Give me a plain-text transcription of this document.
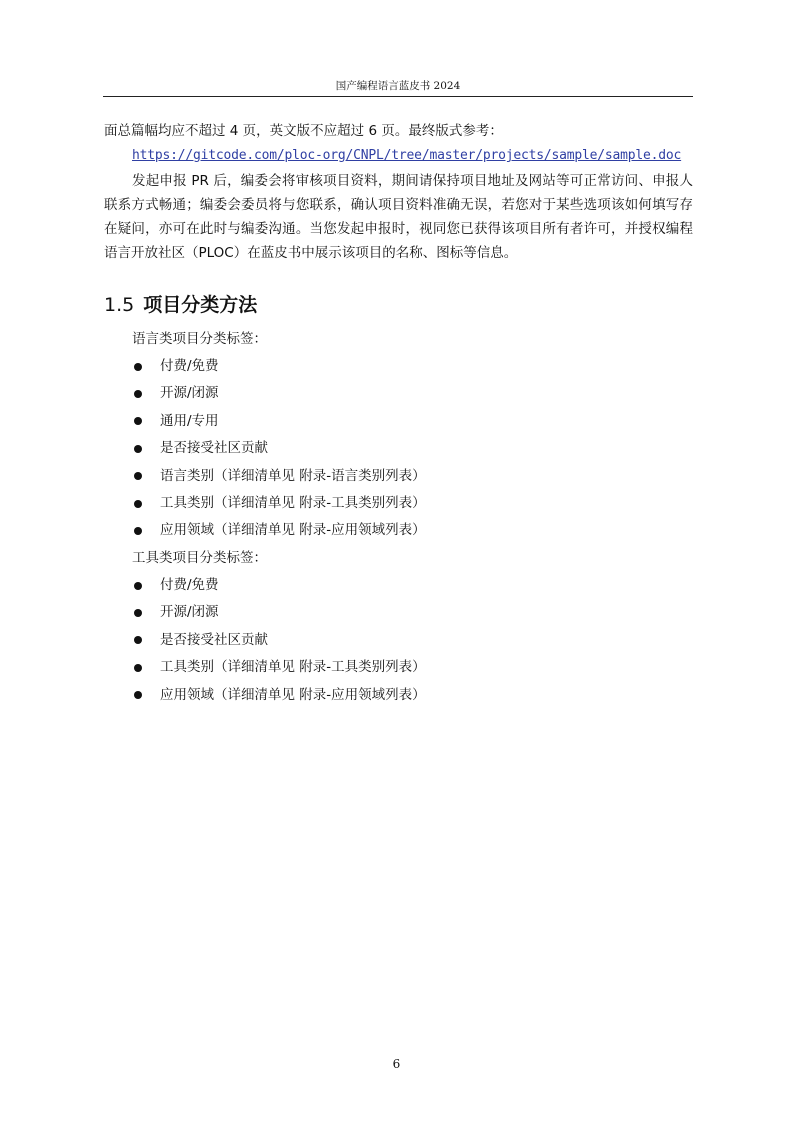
国产编程语言蓝皮书 2024

面总篇幅均应不超过 4 页，英文版不应超过 6 页。最终版式参考：

https://gitcode.com/ploc-org/CNPL/tree/master/projects/sample/sample.doc

发起申报 PR 后，编委会将审核项目资料，期间请保持项目地址及网站等可正常访问、申报人联系方式畅通；编委会委员将与您联系，确认项目资料准确无误，若您对于某些选项该如何填写存在疑问，亦可在此时与编委沟通。当您发起申报时，视同您已获得该项目所有者许可，并授权编程语言开放社区（PLOC）在蓝皮书中展示该项目的名称、图标等信息。

1.5 项目分类方法

语言类项目分类标签：

付费/免费
开源/闭源
通用/专用
是否接受社区贡献
语言类别（详细清单见 附录-语言类别列表）
工具类别（详细清单见 附录-工具类别列表）
应用领域（详细清单见 附录-应用领域列表）

工具类项目分类标签：

付费/免费
开源/闭源
是否接受社区贡献
工具类别（详细清单见 附录-工具类别列表）
应用领域（详细清单见 附录-应用领域列表）
6
